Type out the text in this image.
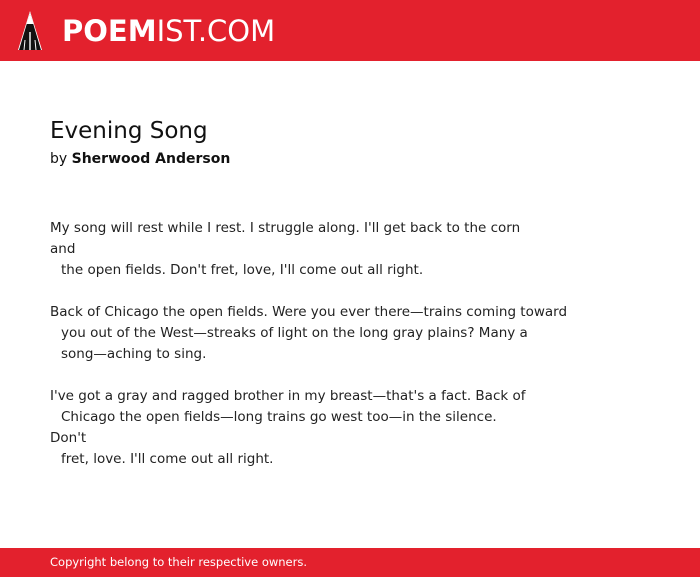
POEMIST.COM
Evening Song

by Sherwood Anderson

My song will rest while I rest. I struggle along. I'll get back to the corn
and
the open fields. Don't fret, love, I'll come out all right.

Back of Chicago the open fields. Were you ever there—trains coming toward
you out of the West—streaks of light on the long gray plains? Many a
song—aching to sing.

I've got a gray and ragged brother in my breast—that's a fact. Back of
Chicago the open fields—long trains go west too—in the silence.
Don't
fret, love. I'll come out all right.

Copyright belong to their respective owners.
